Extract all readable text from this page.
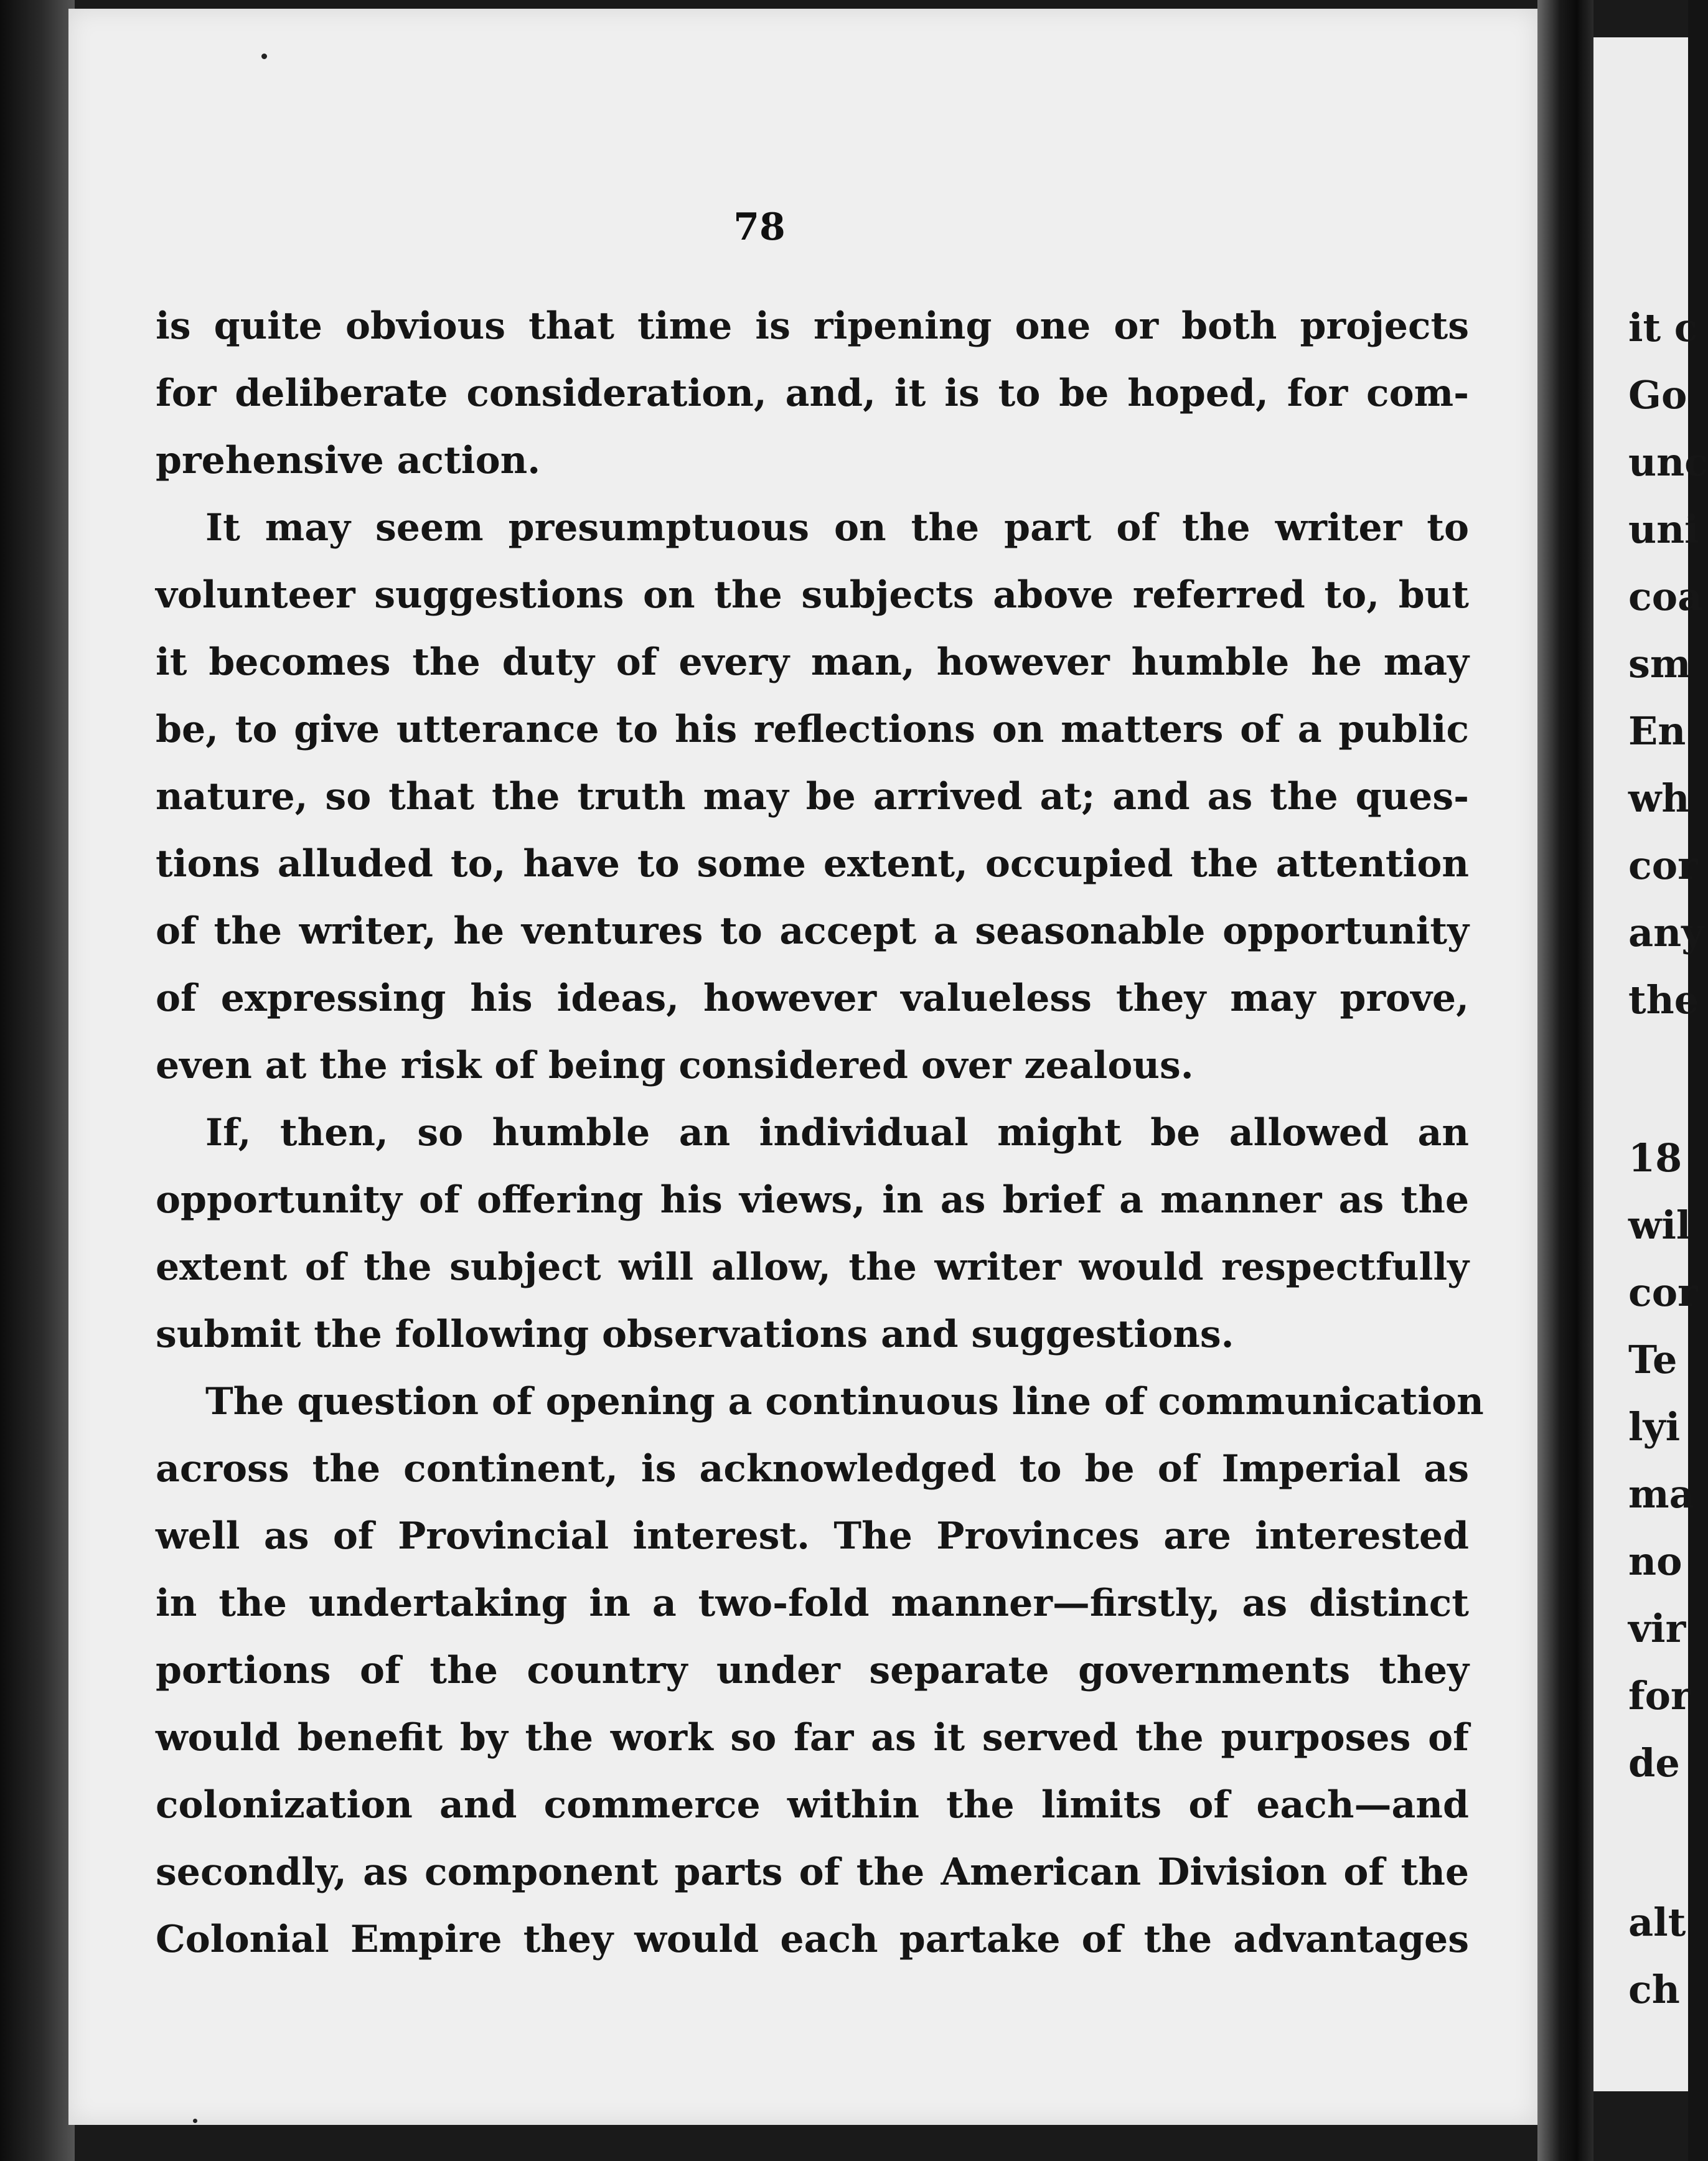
78

is quite obvious that time is ripening one or both projects
for deliberate consideration, and, it is to be hoped, for com-
prehensive action.

It may seem presumptuous on the part of the writer to
volunteer suggestions on the subjects above referred to, but
it becomes the duty of every man, however humble he may
be, to give utterance to his reflections on matters of a public
nature, so that the truth may be arrived at; and as the ques-
tions alluded to, have to some extent, occupied the attention
of the writer, he ventures to accept a seasonable opportunity
of expressing his ideas, however valueless they may prove,
even at the risk of being considered over zealous.

If, then, so humble an individual might be allowed an
opportunity of offering his views, in as brief a manner as the
extent of the subject will allow, the writer would respectfully
submit the following observations and suggestions.

The question of opening a continuous line of communication
across the continent, is acknowledged to be of Imperial as
well as of Provincial interest. The Provinces are interested
in the undertaking in a two-fold manner—firstly, as distinct
portions of the country under separate governments they
would benefit by the work so far as it served the purposes of
colonization and commerce within the limits of each—and
secondly, as component parts of the American Division of the
Colonial Empire they would each partake of the advantages

it c
Go
unc
uni
coa
sm
En
wh
cor
any
the
18
wil
cor
Te
lyi
ma
no
vir
for
de
alt
ch
